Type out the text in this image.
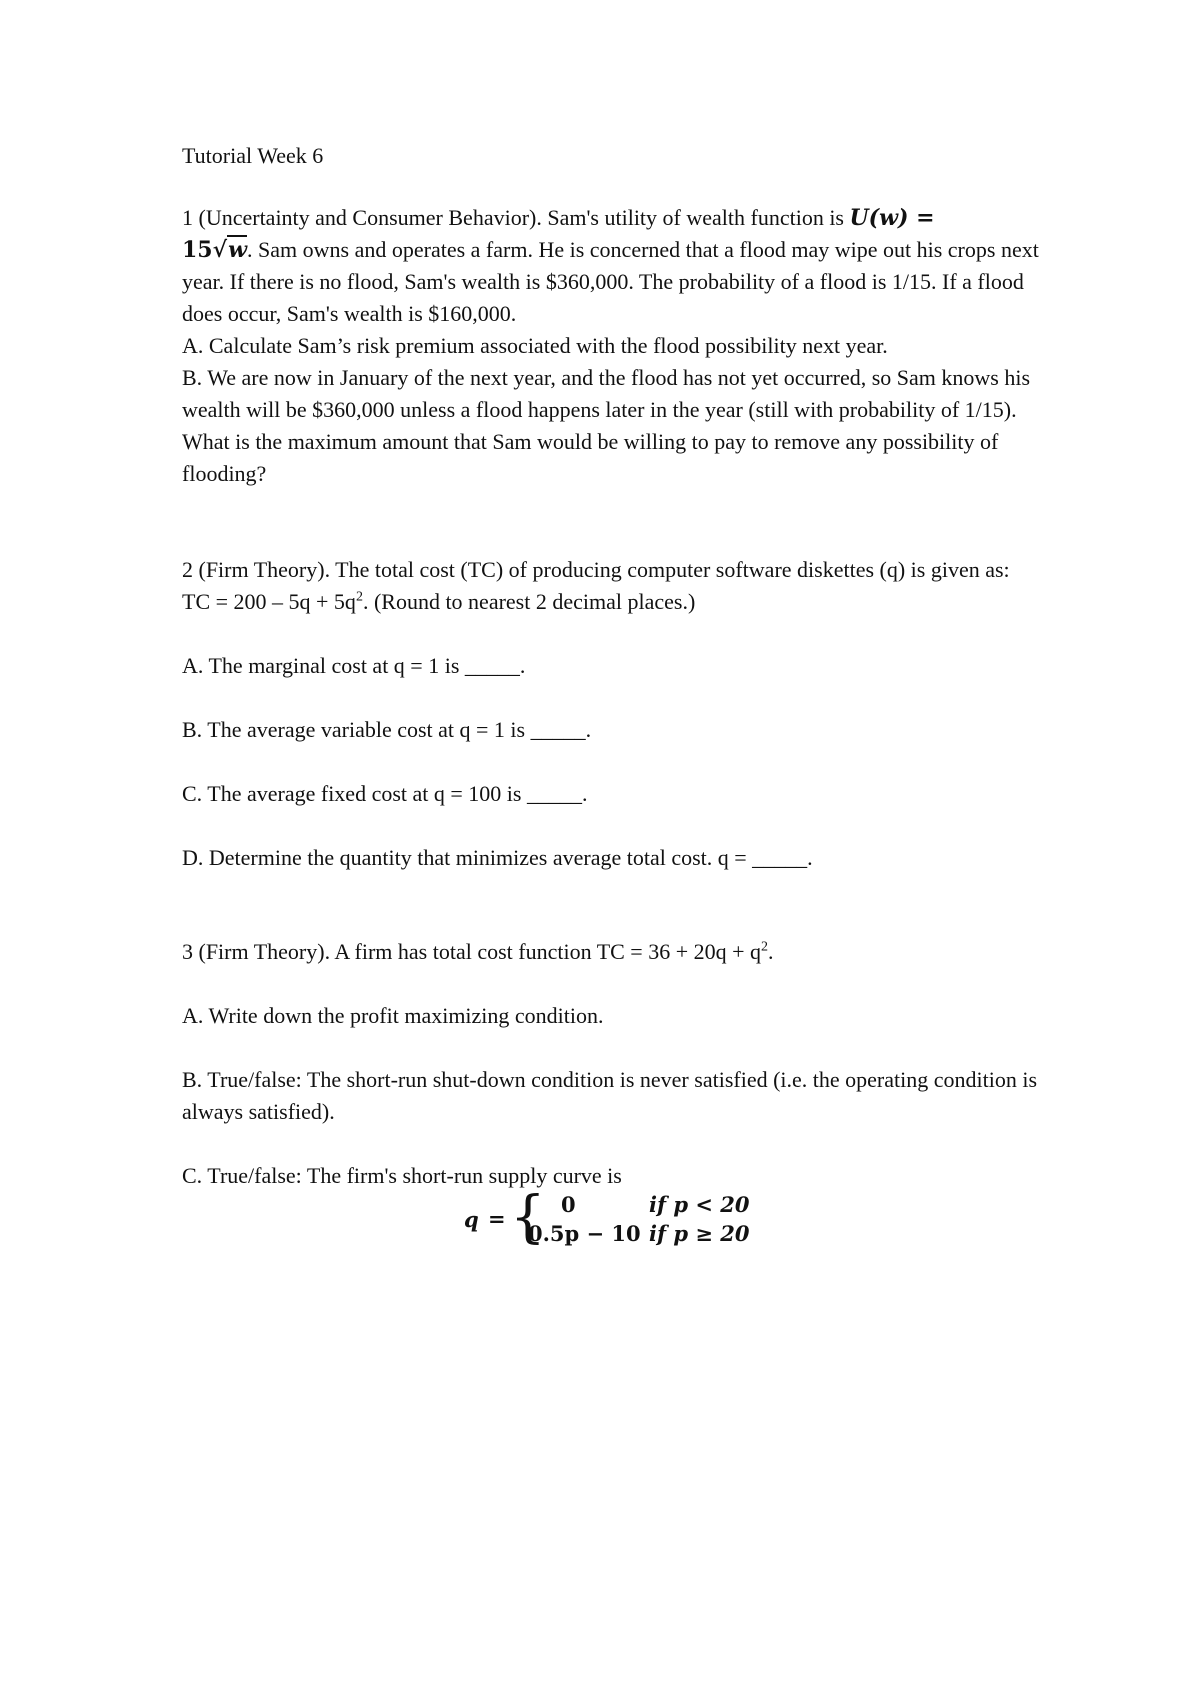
Tutorial Week 6

1 (Uncertainty and Consumer Behavior). Sam's utility of wealth function is U(w) =
15√w. Sam owns and operates a farm. He is concerned that a flood may wipe out his crops next year. If there is no flood, Sam's wealth is $360,000. The probability of a flood is 1/15. If a flood does occur, Sam's wealth is $160,000.

A. Calculate Sam’s risk premium associated with the flood possibility next year.

B. We are now in January of the next year, and the flood has not yet occurred, so Sam knows his wealth will be $360,000 unless a flood happens later in the year (still with probability of 1/15). What is the maximum amount that Sam would be willing to pay to remove any possibility of flooding?

2 (Firm Theory). The total cost (TC) of producing computer software diskettes (q) is given as: TC = $200 - 5q + 5q^2$. (Round to nearest 2 decimal places.)

A. The marginal cost at q = 1 is _____.

B. The average variable cost at q = 1 is _____.

C. The average fixed cost at q = 100 is _____.

D. Determine the quantity that minimizes average total cost. q = _____.

3 (Firm Theory). A firm has total cost function TC = $36 + 20q + q^2$.

A. Write down the profit maximizing condition.

B. True/false: The short-run shut-down condition is never satisfied (i.e. the operating condition is always satisfied).

C. True/false: The firm's short-run supply curve is

q = { 0	if p < 20
0.5p − 10 if p ≥ 20
